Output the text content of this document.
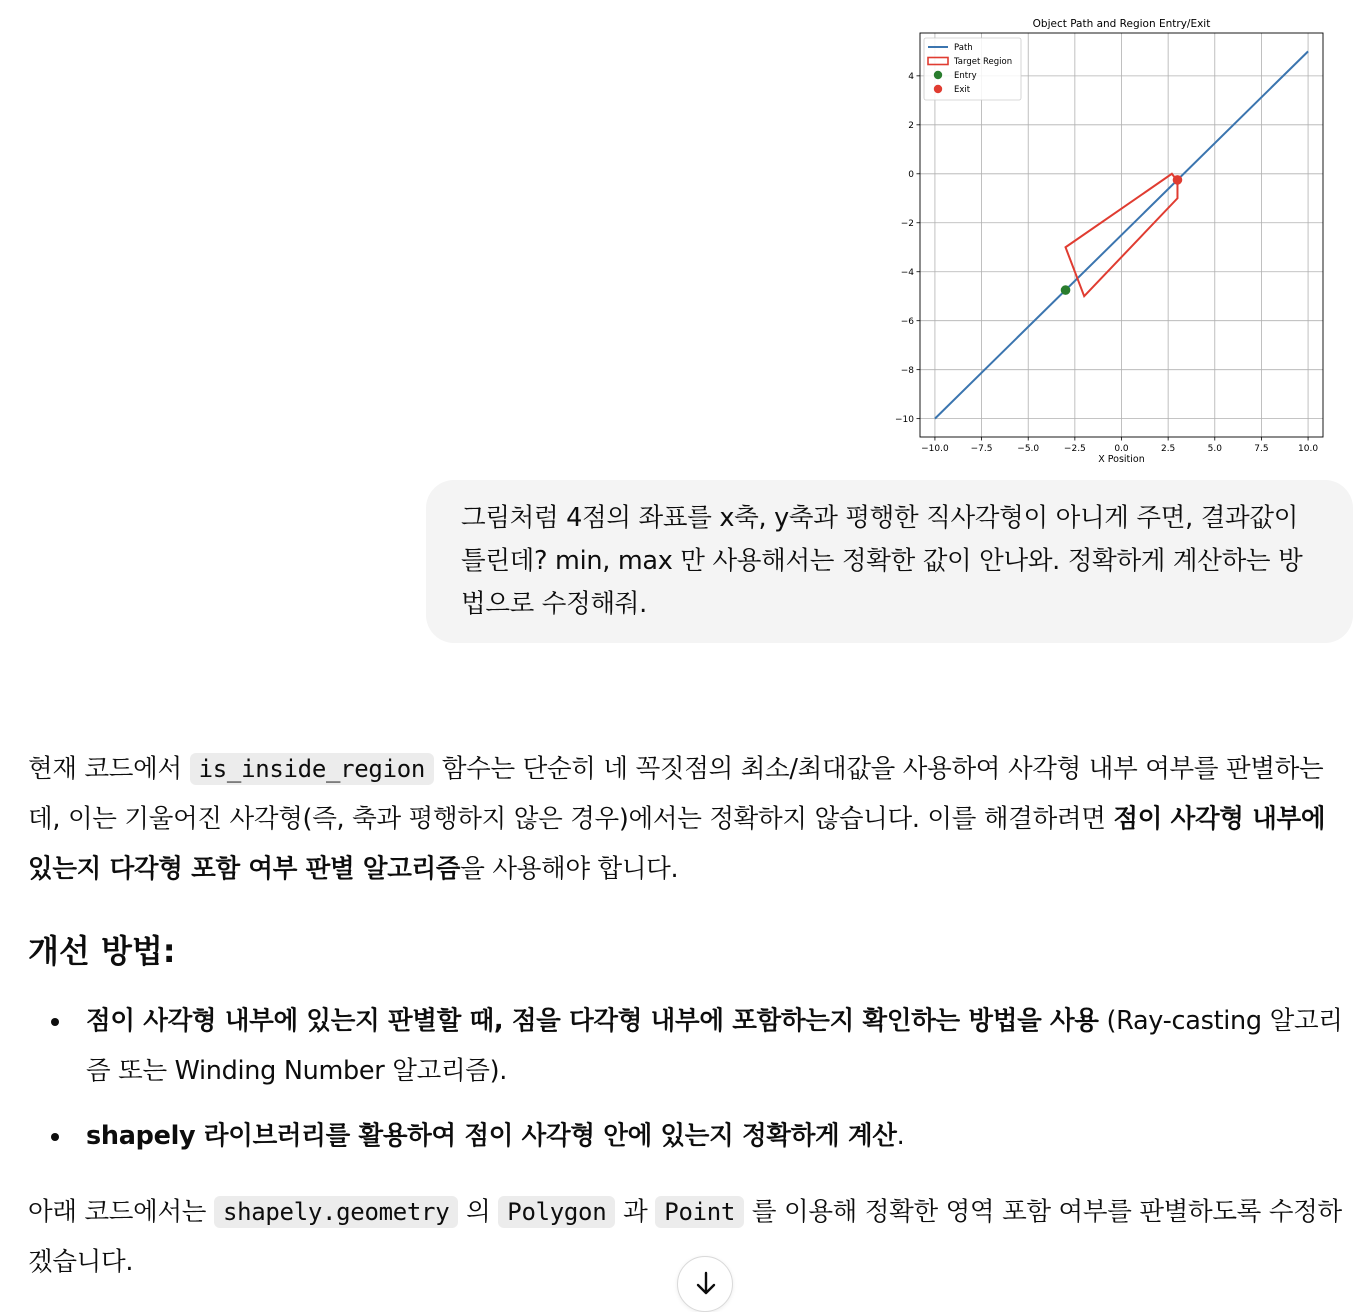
Object Path and Region Entry/Exit
−10.0 −7.5	−5.0	−2.5	0.0	2.5	5.0	7.5	10.0
−10
−8
−6
−4
−2
0
2
4
X Position
Path
Target Region
Entry
Exit
그림처럼 4점의 좌표를 x축, y축과 평행한 직사각형이 아니게 주면, 결과값이
틀린데? min, max 만 사용해서는 정확한 값이 안나와. 정확하게 계산하는 방
법으로 수정해줘.

현재 코드에서 is_inside_region 함수는 단순히 네 꼭짓점의 최소/최대값을 사용하여 사각형 내부 여부를 판별하는데, 이는 기울어진 사각형(즉, 축과 평행하지 않은 경우)에서는 정확하지 않습니다. 이를 해결하려면 점이 사각형 내부에 있는지 다각형 포함 여부 판별 알고리즘을 사용해야 합니다.

개선 방법:
점이 사각형 내부에 있는지 판별할 때, 점을 다각형 내부에 포함하는지 확인하는 방법을 사용 (Ray-casting 알고리즘 또는 Winding Number 알고리즘).
shapely 라이브러리를 활용하여 점이 사각형 안에 있는지 정확하게 계산.

아래 코드에서는 shapely.geometry 의 Polygon 과 Point 를 이용해 정확한 영역 포함 여부를 판별하도록 수정하겠습니다.
